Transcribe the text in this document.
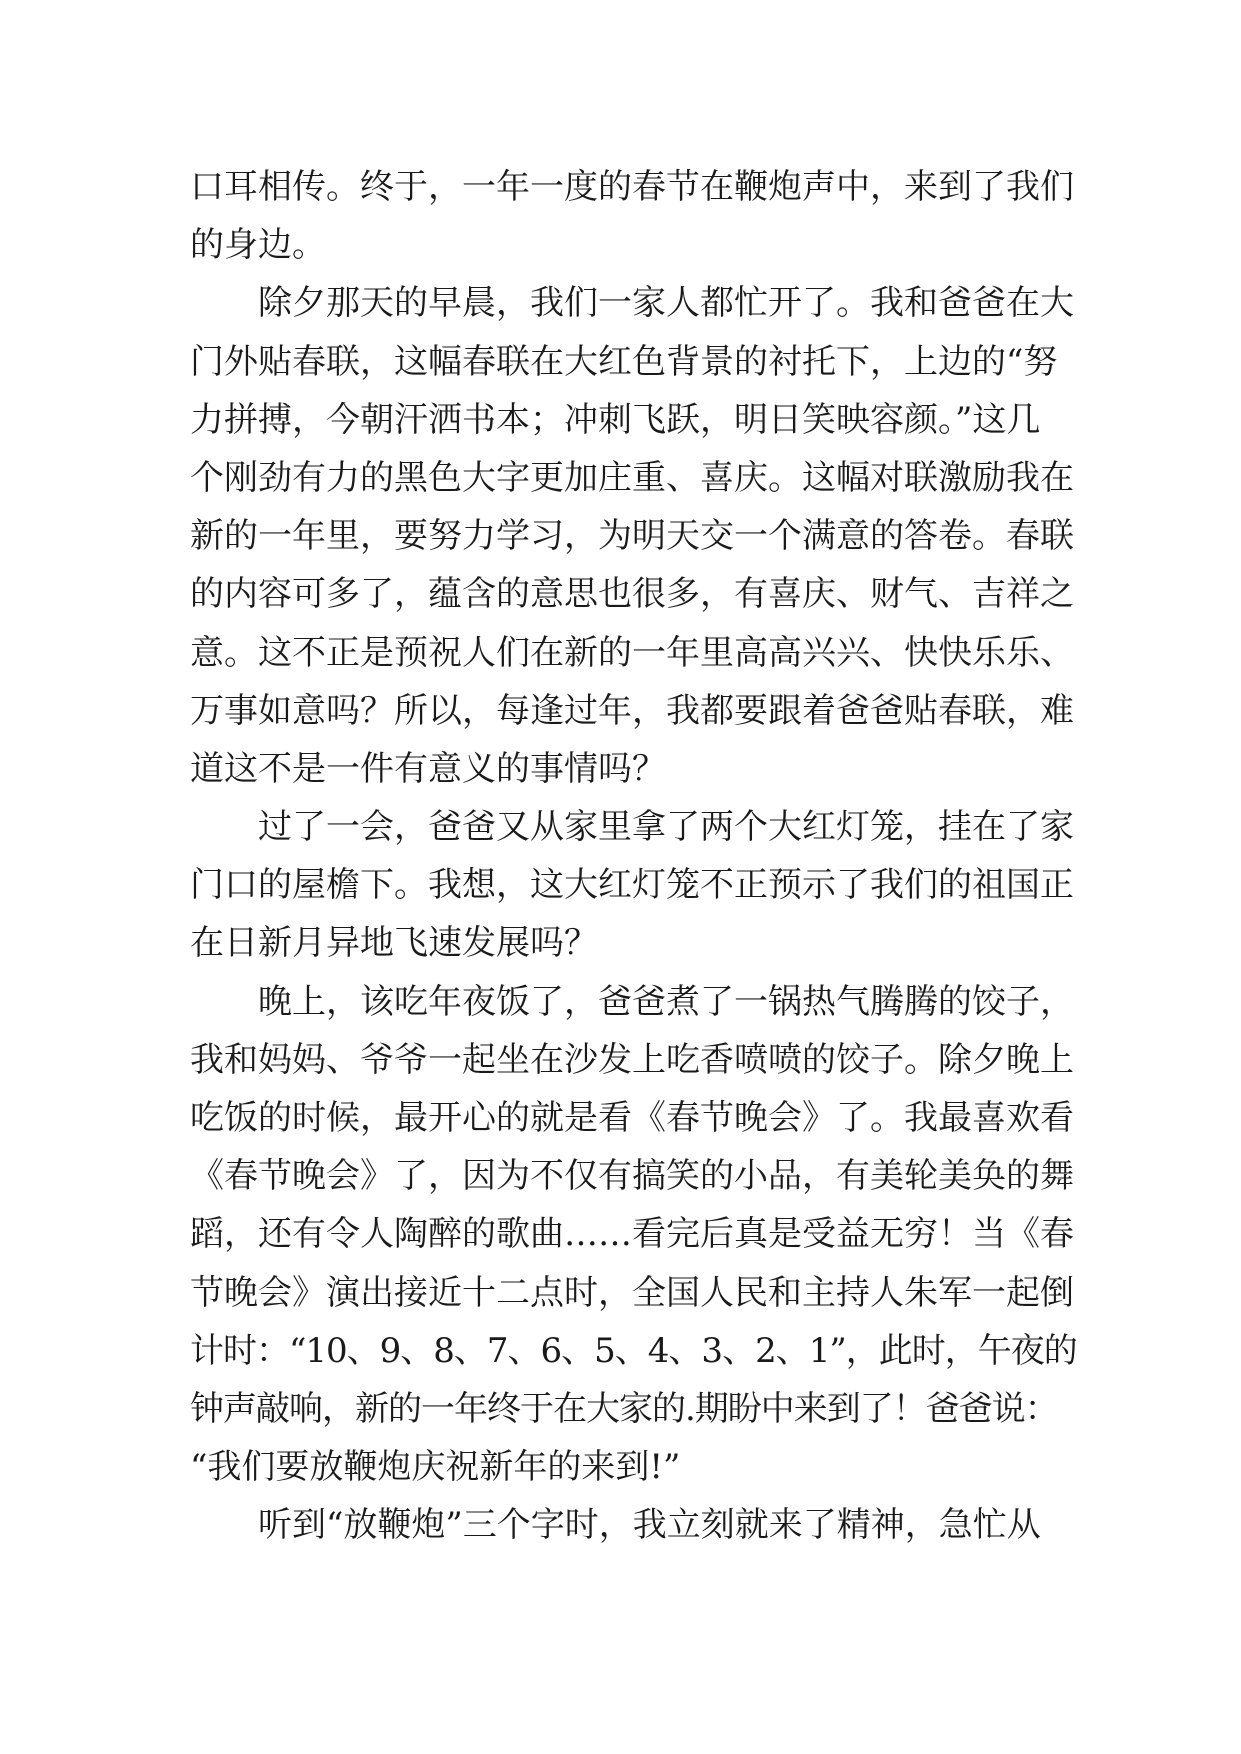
口耳相传。终于，一年一度的春节在鞭炮声中，来到了我们

的身边。

除夕那天的早晨，我们一家人都忙开了。我和爸爸在大

门外贴春联，这幅春联在大红色背景的衬托下，上边的“努

力拼搏，今朝汗洒书本；冲刺飞跃，明日笑映容颜。”这几

个刚劲有力的黑色大字更加庄重、喜庆。这幅对联激励我在

新的一年里，要努力学习，为明天交一个满意的答卷。春联

的内容可多了，蕴含的意思也很多，有喜庆、财气、吉祥之

意。这不正是预祝人们在新的一年里高高兴兴、快快乐乐、

万事如意吗？所以，每逢过年，我都要跟着爸爸贴春联，难

道这不是一件有意义的事情吗？

过了一会，爸爸又从家里拿了两个大红灯笼，挂在了家

门口的屋檐下。我想，这大红灯笼不正预示了我们的祖国正

在日新月异地飞速发展吗？

晚上，该吃年夜饭了，爸爸煮了一锅热气腾腾的饺子，

我和妈妈、爷爷一起坐在沙发上吃香喷喷的饺子。除夕晚上

吃饭的时候，最开心的就是看《春节晚会》了。我最喜欢看

《春节晚会》了，因为不仅有搞笑的小品，有美轮美奂的舞

蹈，还有令人陶醉的歌曲……看完后真是受益无穷！当《春

节晚会》演出接近十二点时，全国人民和主持人朱军一起倒

计时：“10、9、8、7、6、5、4、3、2、1”，此时，午夜的

钟声敲响，新的一年终于在大家的.期盼中来到了！爸爸说：

“我们要放鞭炮庆祝新年的来到!”

听到“放鞭炮”三个字时，我立刻就来了精神，急忙从
